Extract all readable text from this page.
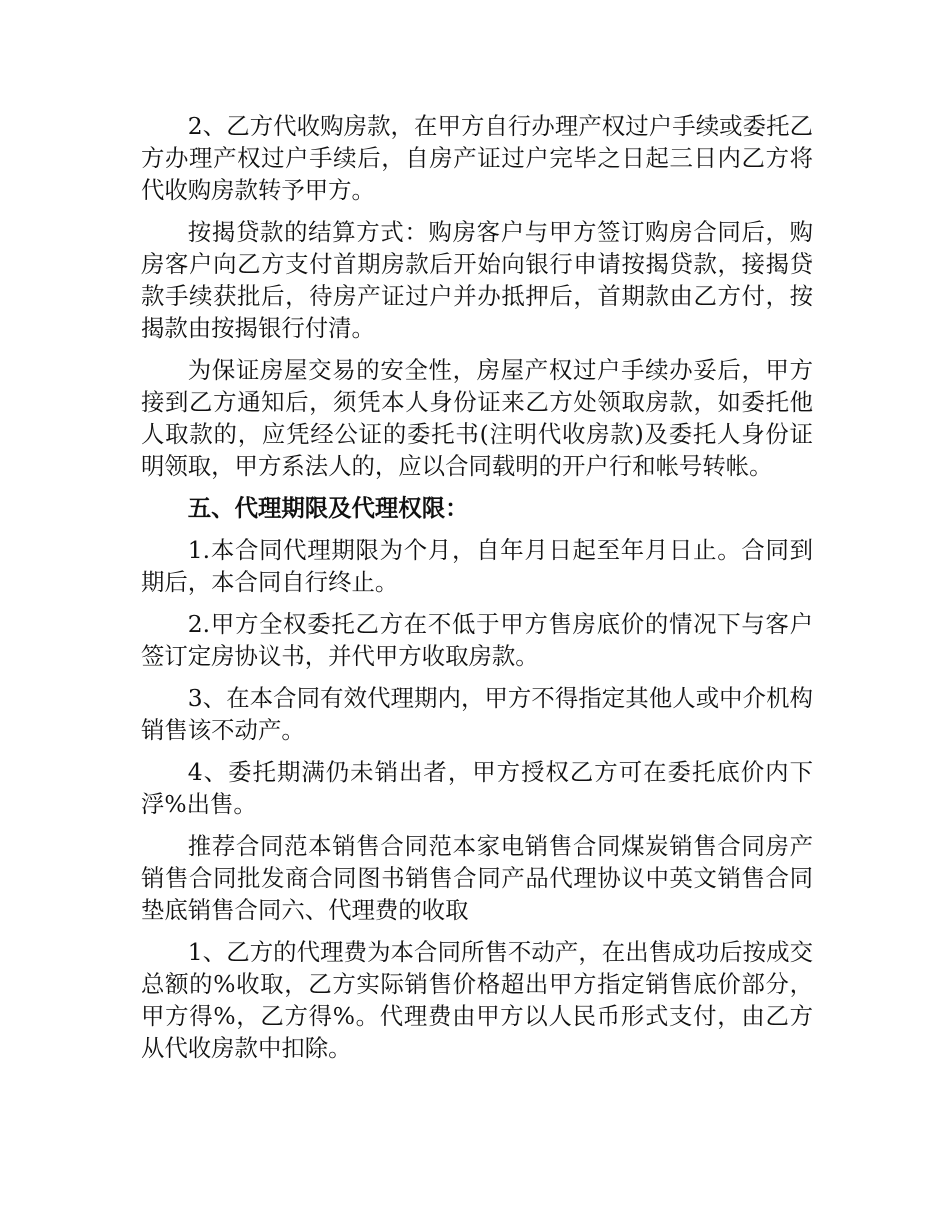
2、乙方代收购房款，在甲方自行办理产权过户手续或委托乙方办理产权过户手续后，自房产证过户完毕之日起三日内乙方将代收购房款转予甲方。

按揭贷款的结算方式：购房客户与甲方签订购房合同后，购房客户向乙方支付首期房款后开始向银行申请按揭贷款，接揭贷款手续获批后，待房产证过户并办抵押后，首期款由乙方付，按揭款由按揭银行付清。

为保证房屋交易的安全性，房屋产权过户手续办妥后，甲方接到乙方通知后，须凭本人身份证来乙方处领取房款，如委托他人取款的，应凭经公证的委托书(注明代收房款)及委托人身份证明领取，甲方系法人的，应以合同载明的开户行和帐号转帐。

五、代理期限及代理权限：

1.本合同代理期限为个月，自年月日起至年月日止。合同到期后，本合同自行终止。

2.甲方全权委托乙方在不低于甲方售房底价的情况下与客户签订定房协议书，并代甲方收取房款。

3、在本合同有效代理期内，甲方不得指定其他人或中介机构销售该不动产。

4、委托期满仍未销出者，甲方授权乙方可在委托底价内下浮%出售。

推荐合同范本销售合同范本家电销售合同煤炭销售合同房产销售合同批发商合同图书销售合同产品代理协议中英文销售合同垫底销售合同六、代理费的收取

1、乙方的代理费为本合同所售不动产，在出售成功后按成交总额的%收取，乙方实际销售价格超出甲方指定销售底价部分，甲方得%，乙方得%。代理费由甲方以人民币形式支付，由乙方从代收房款中扣除。
